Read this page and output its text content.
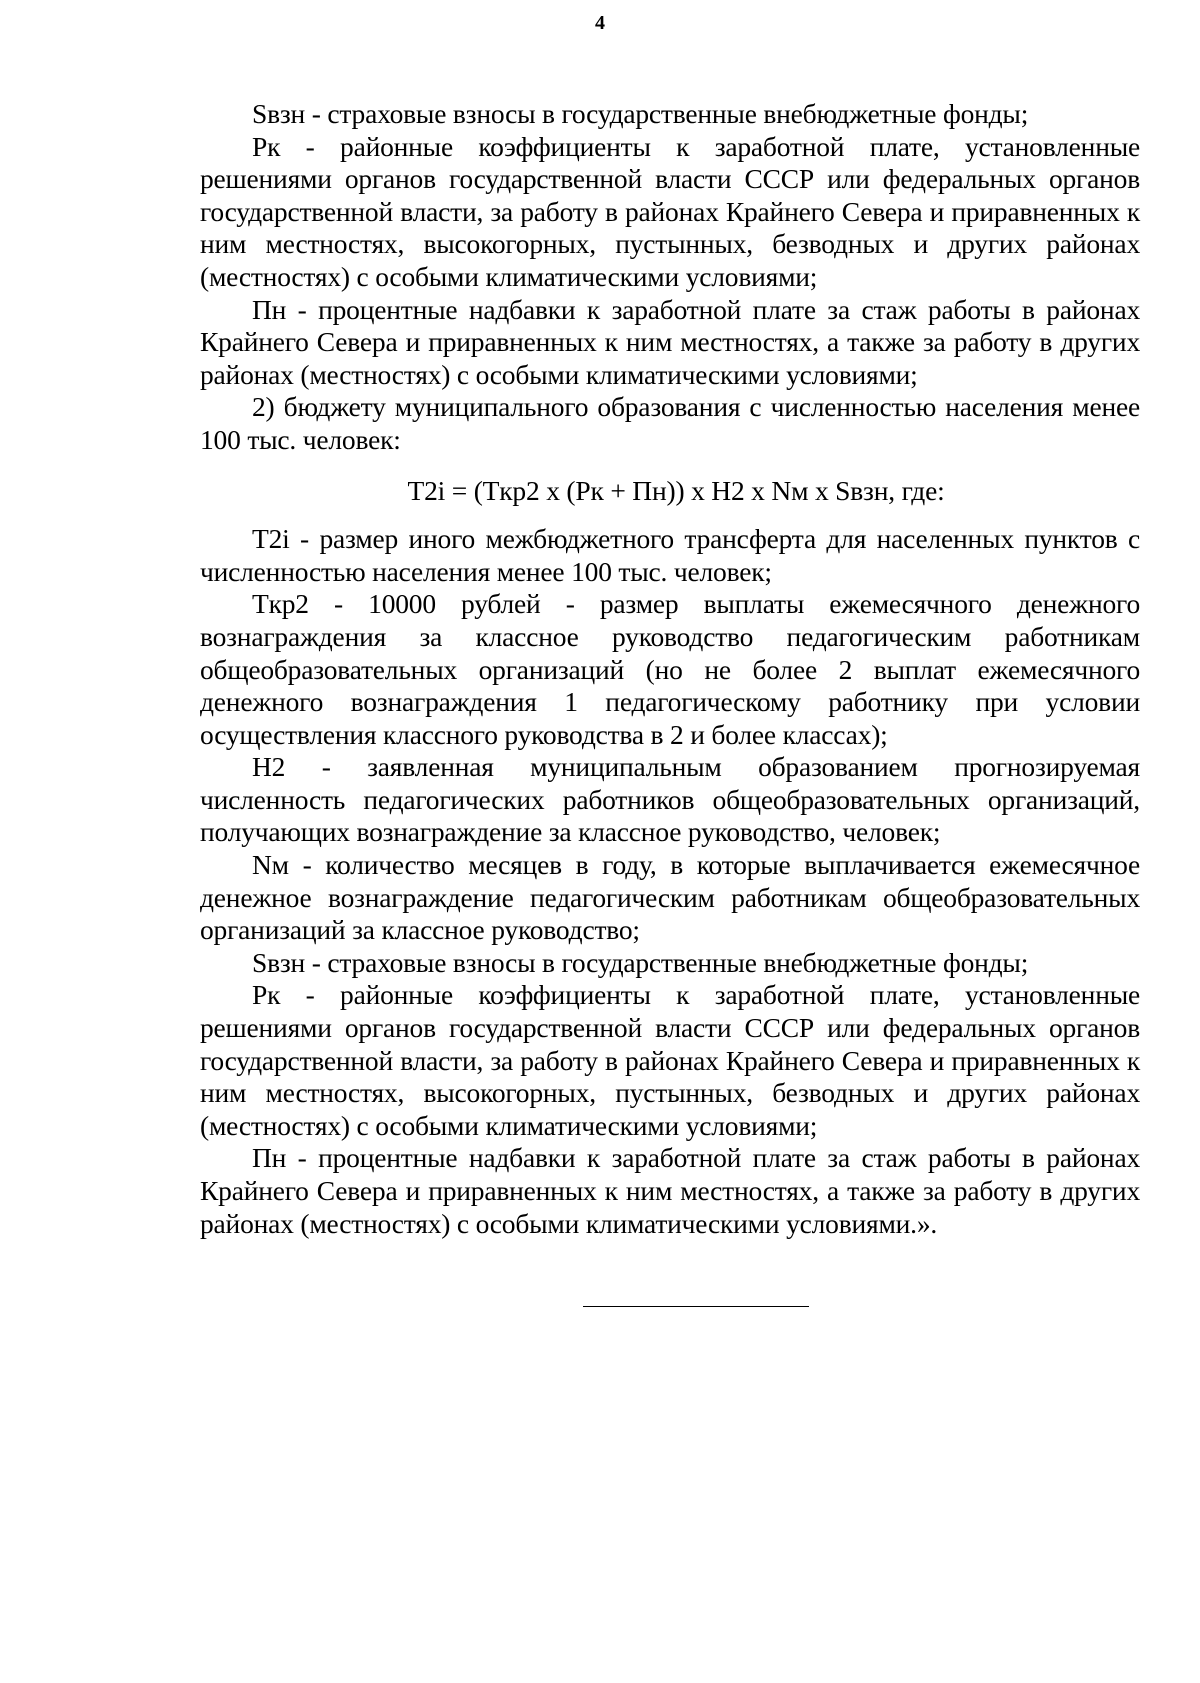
4

Sвзн - страховые взносы в государственные внебюджетные фонды;

Рк - районные коэффициенты к заработной плате, установленные решениями органов государственной власти СССР или федеральных органов государственной власти, за работу в районах Крайнего Севера и приравненных к ним местностях, высокогорных, пустынных, безводных и других районах (местностях) с особыми климатическими условиями;

Пн - процентные надбавки к заработной плате за стаж работы в районах Крайнего Севера и приравненных к ним местностях, а также за работу в других районах (местностях) с особыми климатическими условиями;

2) бюджету муниципального образования с численностью населения менее 100 тыс. человек:

T2i = (Tкр2 x (Рк + Пн)) x H2 x Nм x Sвзн, где:

T2i - размер иного межбюджетного трансферта для населенных пунктов с численностью населения менее 100 тыс. человек;

Tкр2 - 10000 рублей - размер выплаты ежемесячного денежного вознаграждения за классное руководство педагогическим работникам общеобразовательных организаций (но не более 2 выплат ежемесячного денежного вознаграждения 1 педагогическому работнику при условии осуществления классного руководства в 2 и более классах);

H2 - заявленная муниципальным образованием прогнозируемая численность педагогических работников общеобразовательных организаций, получающих вознаграждение за классное руководство, человек;

Nм - количество месяцев в году, в которые выплачивается ежемесячное денежное вознаграждение педагогическим работникам общеобразовательных организаций за классное руководство;

Sвзн - страховые взносы в государственные внебюджетные фонды;

Рк - районные коэффициенты к заработной плате, установленные решениями органов государственной власти СССР или федеральных органов государственной власти, за работу в районах Крайнего Севера и приравненных к ним местностях, высокогорных, пустынных, безводных и других районах (местностях) с особыми климатическими условиями;

Пн - процентные надбавки к заработной плате за стаж работы в районах Крайнего Севера и приравненных к ним местностях, а также за работу в других районах (местностях) с особыми климатическими условиями.».
